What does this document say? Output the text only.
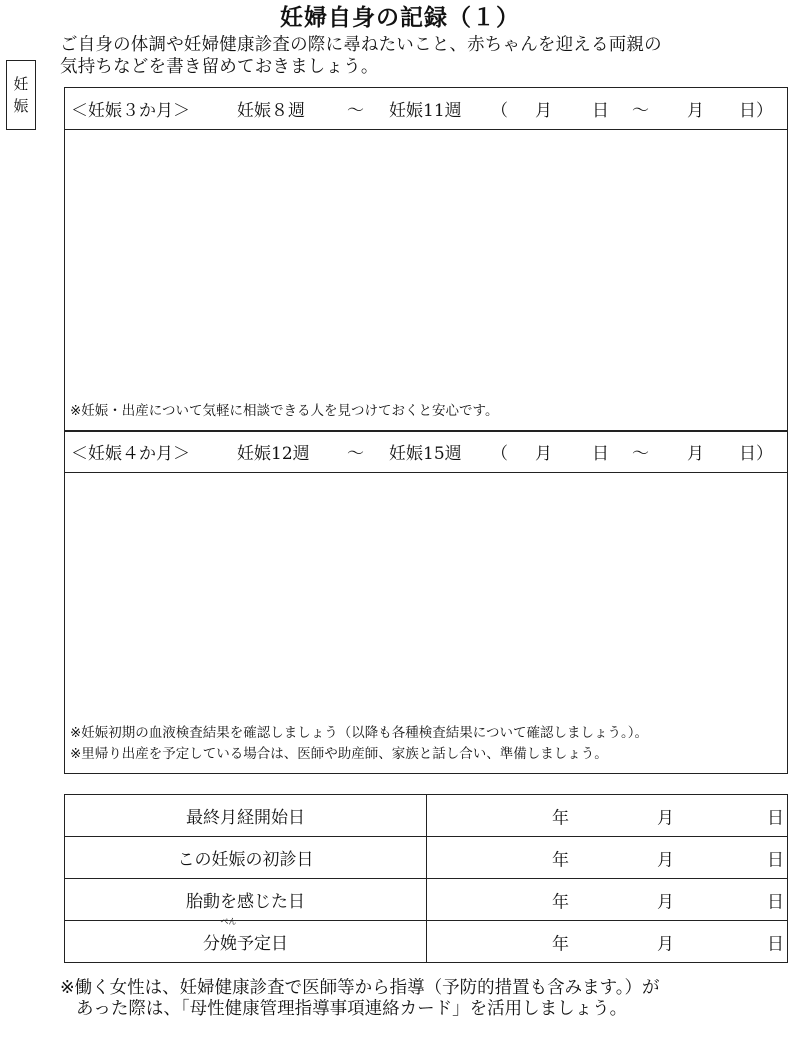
妊婦自身の記録（１）
ご自身の体調や妊婦健康診査の際に尋ねたいこと、赤ちゃんを迎える両親の
気持ちなどを書き留めておきましょう。
妊
娠	＜妊娠３か月＞	妊娠８週	〜	妊娠11週	（	月	日	〜	月	日）
※妊娠・出産について気軽に相談できる人を見つけておくと安心です。
＜妊娠４か月＞	妊娠12週	〜	妊娠15週	（	月	日	〜	月	日）
※妊娠初期の血液検査結果を確認しましょう（以降も各種検査結果について確認しましょう。）。
※里帰り出産を予定している場合は、医師や助産師、家族と話し合い、準備しましょう。
最終月経開始日	年 月 日

この妊娠の初診日	年 月 日

胎動を感じた日	年 月 日

分
べん
娩予定日	年 月 日
※働く女性は、妊婦健康診査で医師等から指導（予防的措置も含みます。）が
あった際は、「母性健康管理指導事項連絡カード」を活用しましょう。
